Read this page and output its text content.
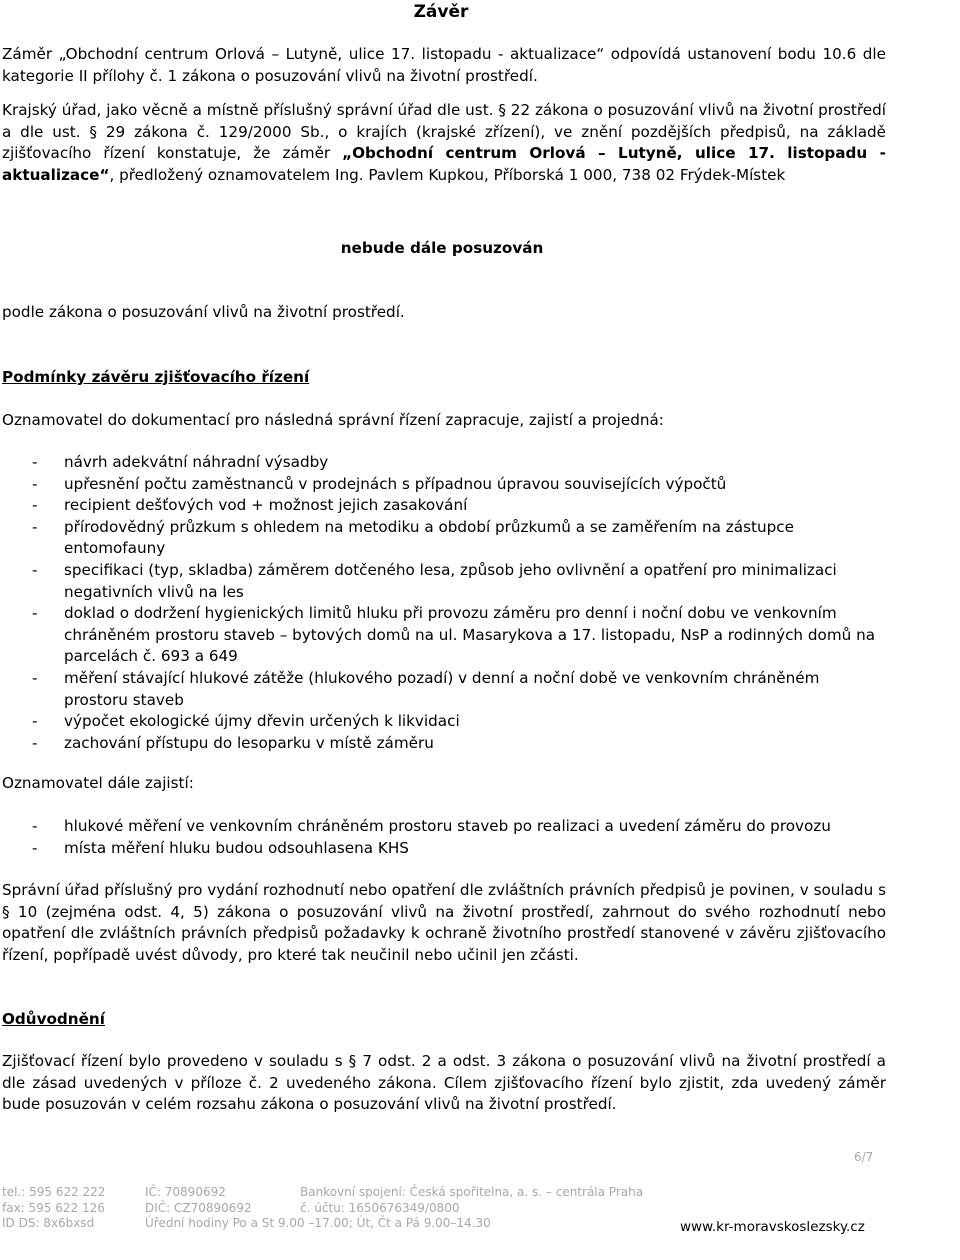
Závěr

Záměr „Obchodní centrum Orlová – Lutyně, ulice 17. listopadu - aktualizace“ odpovídá ustanovení bodu 10.6 dle kategorie II přílohy č. 1 zákona o posuzování vlivů na životní prostředí.

Krajský úřad, jako věcně a místně příslušný správní úřad dle ust. § 22 zákona o posuzování vlivů na životní prostředí a dle ust. § 29 zákona č. 129/2000 Sb., o krajích (krajské zřízení), ve znění pozdějších předpisů, na základě zjišťovacího řízení konstatuje, že záměr „Obchodní centrum Orlová – Lutyně, ulice 17. listopadu - aktualizace“, předložený oznamovatelem Ing. Pavlem Kupkou, Příborská 1 000, 738 02 Frýdek-Místek

nebude dále posuzován

podle zákona o posuzování vlivů na životní prostředí.

Podmínky závěru zjišťovacího řízení

Oznamovatel do dokumentací pro následná správní řízení zapracuje, zajistí a projedná:

- návrh adekvátní náhradní výsadby
- upřesnění počtu zaměstnanců v prodejnách s případnou úpravou souvisejících výpočtů
- recipient dešťových vod + možnost jejich zasakování
- přírodovědný průzkum s ohledem na metodiku a období průzkumů a se zaměřením na zástupce entomofauny
- specifikaci (typ, skladba) záměrem dotčeného lesa, způsob jeho ovlivnění a opatření pro minimalizaci negativních vlivů na les
- doklad o dodržení hygienických limitů hluku při provozu záměru pro denní i noční dobu ve venkovním chráněném prostoru staveb – bytových domů na ul. Masarykova a 17. listopadu, NsP a rodinných domů na parcelách č. 693 a 649
- měření stávající hlukové zátěže (hlukového pozadí) v denní a noční době ve venkovním chráněném prostoru staveb
- výpočet ekologické újmy dřevin určených k likvidaci
- zachování přístupu do lesoparku v místě záměru

Oznamovatel dále zajistí:

- hlukové měření ve venkovním chráněném prostoru staveb po realizaci a uvedení záměru do provozu
- místa měření hluku budou odsouhlasena KHS

Správní úřad příslušný pro vydání rozhodnutí nebo opatření dle zvláštních právních předpisů je povinen, v souladu s § 10 (zejména odst. 4, 5) zákona o posuzování vlivů na životní prostředí, zahrnout do svého rozhodnutí nebo opatření dle zvláštních právních předpisů požadavky k ochraně životního prostředí stanovené v závěru zjišťovacího řízení, popřípadě uvést důvody, pro které tak neučinil nebo učinil jen zčásti.

Odůvodnění

Zjišťovací řízení bylo provedeno v souladu s § 7 odst. 2 a odst. 3 zákona o posuzování vlivů na životní prostředí a dle zásad uvedených v příloze č. 2 uvedeného zákona. Cílem zjišťovacího řízení bylo zjistit, zda uvedený záměr bude posuzován v celém rozsahu zákona o posuzování vlivů na životní prostředí.

6/7
tel.: 595 622 222
fax: 595 622 126
ID DS: 8x6bxsd
IČ: 70890692
DIČ: CZ70890692
Úřední hodiny Po a St 9.00 –17.00; Út, Čt a Pá 9.00–14.30
Bankovní spojení: Česká spořitelna, a. s. – centrála Praha
č. účtu: 1650676349/0800
www.kr-moravskoslezsky.cz
